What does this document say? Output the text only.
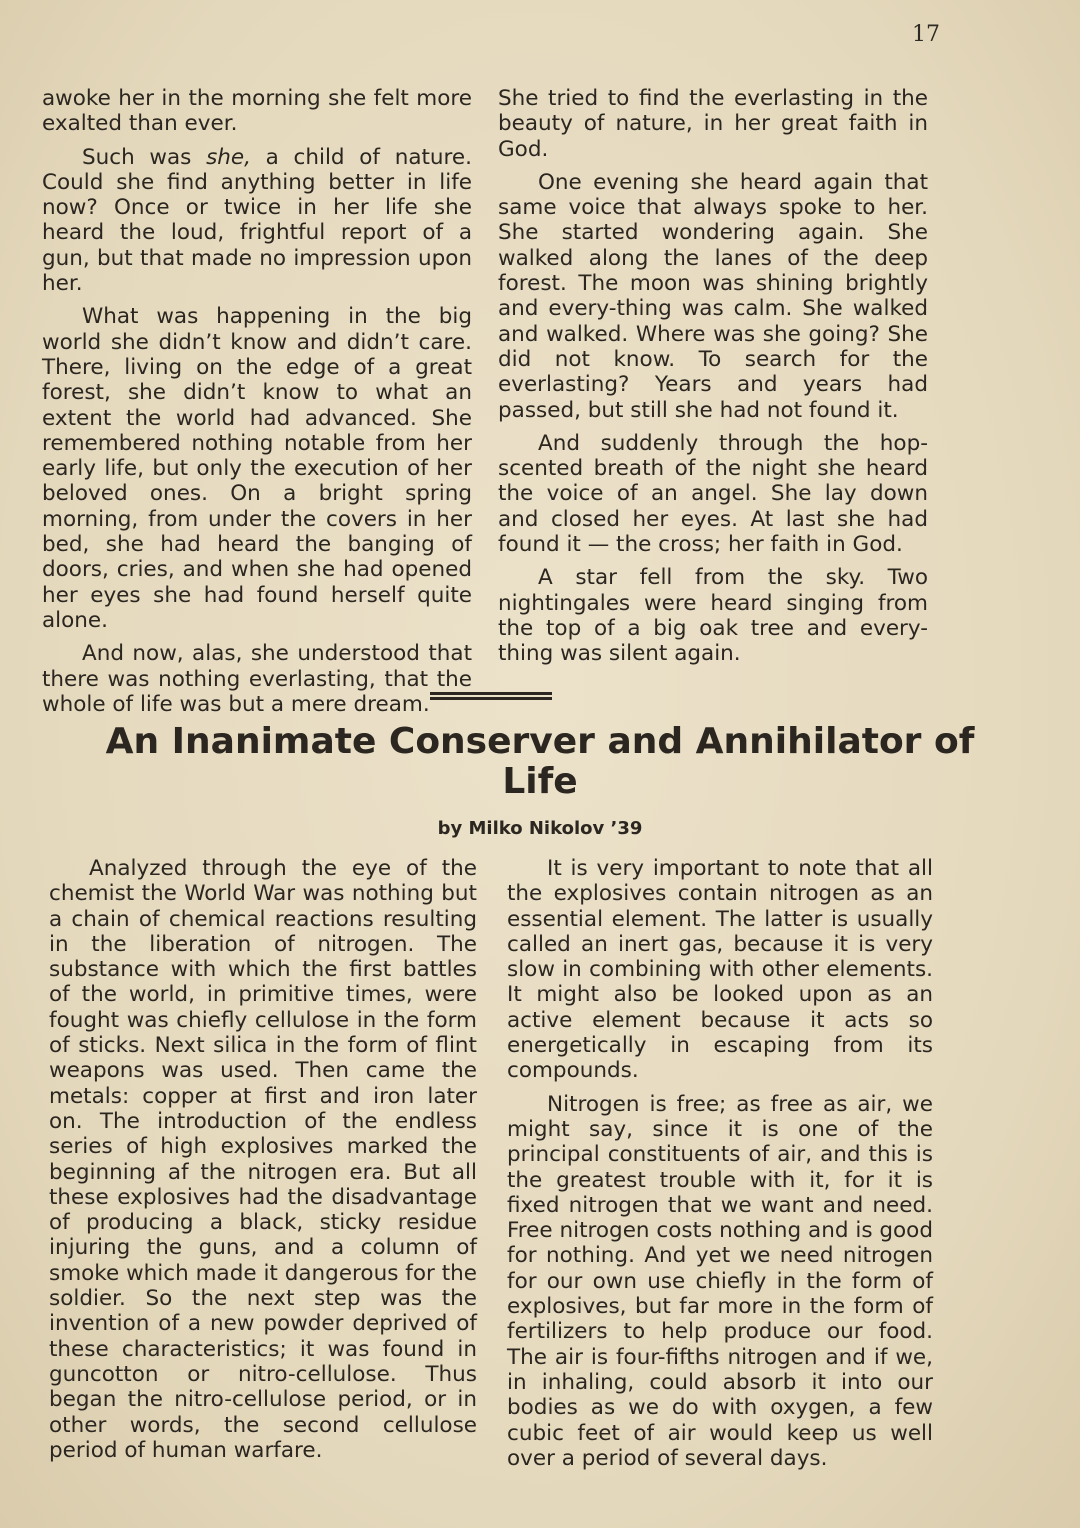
17

awoke her in the morning she felt more exalted than ever.

Such was she, a child of nature. Could she find anything better in life now? Once or twice in her life she heard the loud, frightful report of a gun, but that made no impression upon her.

What was happening in the big world she didn’t know and didn’t care. There, living on the edge of a great forest, she didn’t know to what an extent the world had advanced. She remembered nothing notable from her early life, but only the execution of her beloved ones. On a bright spring morning, from under the covers in her bed, she had heard the banging of doors, cries, and when she had opened her eyes she had found herself quite alone.

And now, alas, she understood that there was nothing everlasting, that the whole of life was but a mere dream.

She tried to find the everlasting in the beauty of nature, in her great faith in God.

One evening she heard again that same voice that always spoke to her. She started wondering again. She walked along the lanes of the deep forest. The moon was shining brightly and every-thing was calm. She walked and walked. Where was she going? She did not know. To search for the everlasting? Years and years had passed, but still she had not found it.

And suddenly through the hop-scented breath of the night she heard the voice of an angel. She lay down and closed her eyes. At last she had found it — the cross; her faith in God.

A star fell from the sky. Two nightingales were heard singing from the top of a big oak tree and every-thing was silent again.

An Inanimate Conserver and Annihilator of
Life
by Milko Nikolov ’39

Analyzed through the eye of the chemist the World War was nothing but a chain of chemical reactions resulting in the liberation of nitrogen. The substance with which the first battles of the world, in primitive times, were fought was chiefly cellulose in the form of sticks. Next silica in the form of flint weapons was used. Then came the metals: copper at first and iron later on. The introduction of the endless series of high explosives marked the beginning af the nitrogen era. But all these explosives had the disadvantage of producing a black, sticky residue injuring the guns, and a column of smoke which made it dangerous for the soldier. So the next step was the invention of a new powder deprived of these characteristics; it was found in guncotton or nitro-cellulose. Thus began the nitro-cellulose period, or in other words, the second cellulose period of human warfare.

It is very important to note that all the explosives contain nitrogen as an essential element. The latter is usually called an inert gas, because it is very slow in combining with other elements. It might also be looked upon as an active element because it acts so energetically in escaping from its compounds.

Nitrogen is free; as free as air, we might say, since it is one of the principal constituents of air, and this is the greatest trouble with it, for it is fixed nitrogen that we want and need. Free nitrogen costs nothing and is good for nothing. And yet we need nitrogen for our own use chiefly in the form of explosives, but far more in the form of fertilizers to help produce our food. The air is four-fifths nitrogen and if we, in inhaling, could absorb it into our bodies as we do with oxygen, a few cubic feet of air would keep us well over a period of several days.
